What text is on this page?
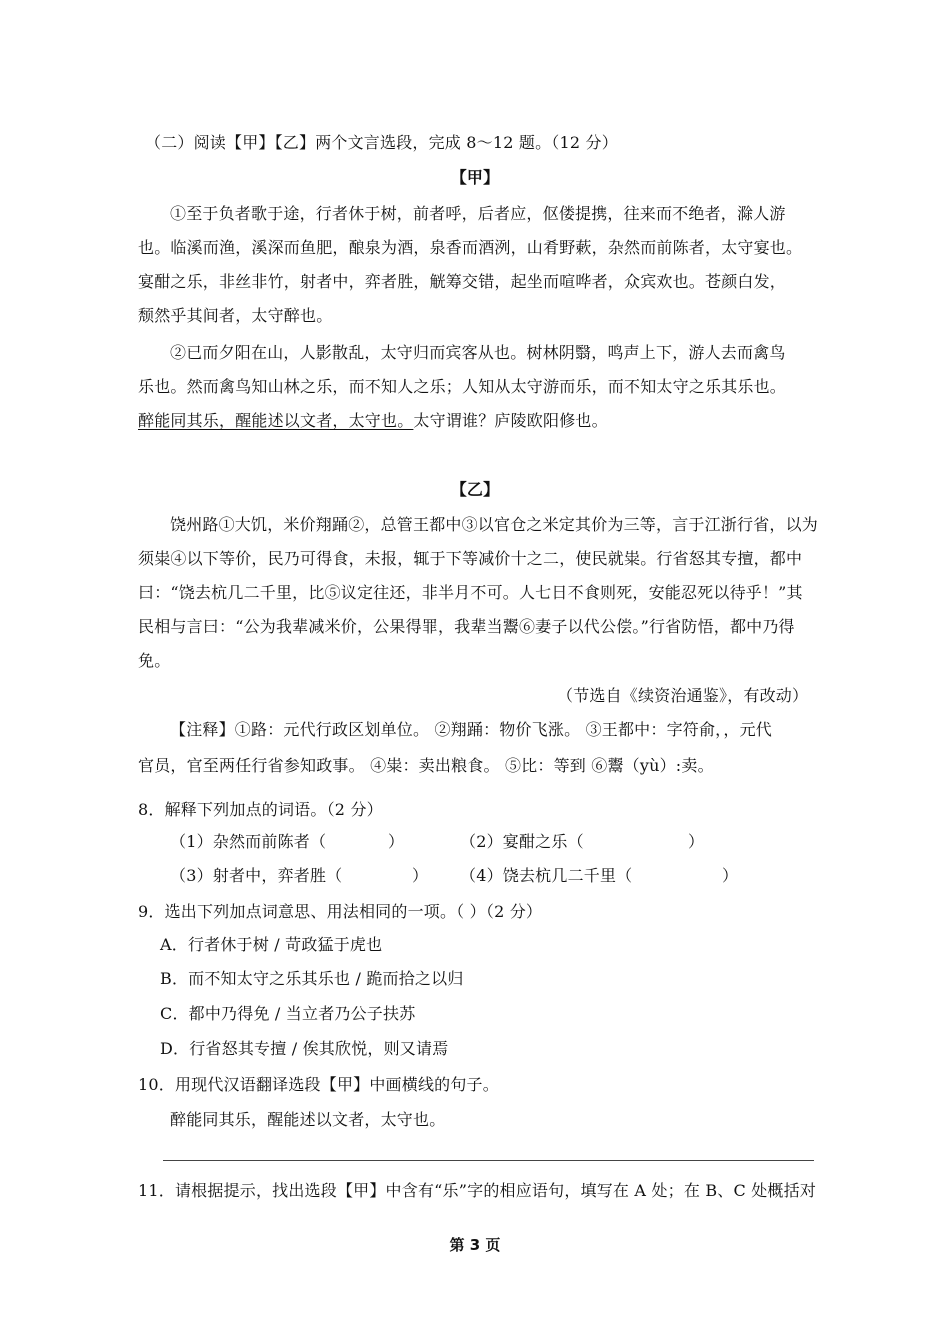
（二）阅读【甲】【乙】两个文言选段，完成 8～12 题。（12 分）
【甲】
①至于负者歌于途，行者休于树，前者呼，后者应，伛偻提携，往来而不绝者，滁人游
也。临溪而渔，溪深而鱼肥，酿泉为酒，泉香而酒洌，山肴野蔌，杂然而前陈者，太守宴也。
宴酣之乐，非丝非竹，射者中，弈者胜，觥筹交错，起坐而喧哗者，众宾欢也。苍颜白发，
颓然乎其间者，太守醉也。
②已而夕阳在山，人影散乱，太守归而宾客从也。树林阴翳，鸣声上下，游人去而禽鸟
乐也。然而禽鸟知山林之乐，而不知人之乐；人知从太守游而乐，而不知太守之乐其乐也。
醉能同其乐，醒能述以文者，太守也。太守谓谁？庐陵欧阳修也。
【乙】
饶州路①大饥，米价翔踊②，总管王都中③以官仓之米定其价为三等，言于江浙行省，以为
须粜④以下等价，民乃可得食，未报，辄于下等减价十之二，使民就粜。行省怒其专擅，都中
曰：“饶去杭几二千里，比⑤议定往还，非半月不可。人七日不食则死，安能忍死以待乎！”其
民相与言曰：“公为我辈减米价，公果得罪，我辈当鬻⑥妻子以代公偿。”行省防悟，都中乃得
免。
（节选自《续资治通鉴》，有改动）
【注释】①路：元代行政区划单位。 ②翔踊：物价飞涨。 ③王都中：字符俞，，元代
官员，官至两任行省参知政事。 ④粜：卖出粮食。 ⑤比：等到 ⑥鬻（yù）:卖。
8．解释下列加点的词语。（2 分）
（1）杂然而前陈者（	）	（2）宴酣之乐（	）
（3）射者中，弈者胜（	） （4）饶去杭几二千里（	）
9．选出下列加点词意思、用法相同的一项。（ ）（2 分）
A．行者休于树 / 苛政猛于虎也
B．而不知太守之乐其乐也 / 跪而拾之以归
C．都中乃得免 / 当立者乃公子扶苏
D．行省怒其专擅 / 俟其欣悦，则又请焉
10．用现代汉语翻译选段【甲】中画横线的句子。
醉能同其乐，醒能述以文者，太守也。
11．请根据提示，找出选段【甲】中含有“乐”字的相应语句，填写在 A 处；在 B、C 处概括对
第 3 页
